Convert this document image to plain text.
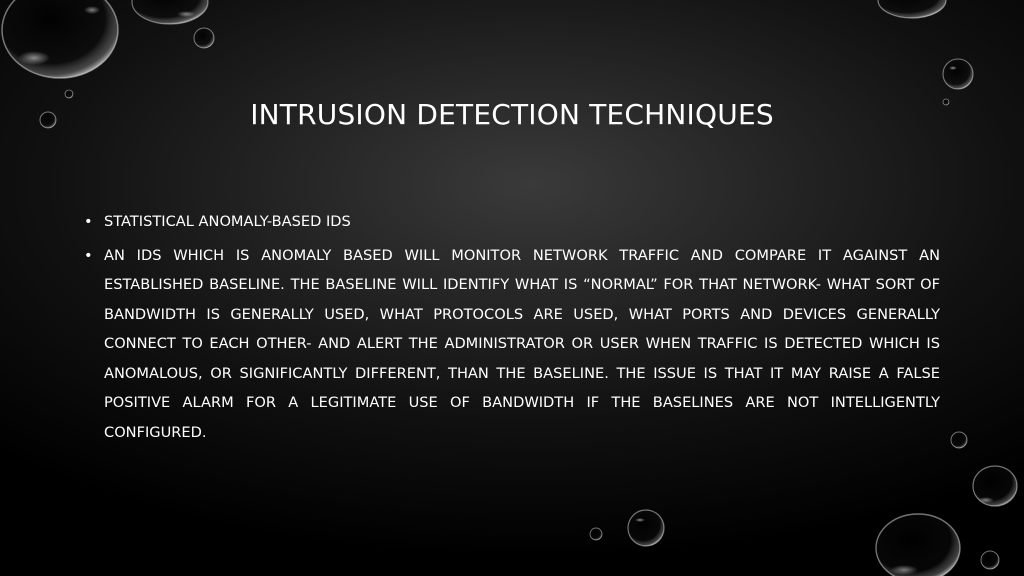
INTRUSION DETECTION TECHNIQUES
• STATISTICAL ANOMALY-BASED IDS
• AN IDS WHICH IS ANOMALY BASED WILL MONITOR NETWORK TRAFFIC AND COMPARE IT AGAINST AN ESTABLISHED BASELINE. THE BASELINE WILL IDENTIFY WHAT IS “NORMAL” FOR THAT NETWORK- WHAT SORT OF BANDWIDTH IS GENERALLY USED, WHAT PROTOCOLS ARE USED, WHAT PORTS AND DEVICES GENERALLY CONNECT TO EACH OTHER- AND ALERT THE ADMINISTRATOR OR USER WHEN TRAFFIC IS DETECTED WHICH IS ANOMALOUS, OR SIGNIFICANTLY DIFFERENT, THAN THE BASELINE. THE ISSUE IS THAT IT MAY RAISE A FALSE POSITIVE ALARM FOR A LEGITIMATE USE OF BANDWIDTH IF THE BASELINES ARE NOT INTELLIGENTLY CONFIGURED.
